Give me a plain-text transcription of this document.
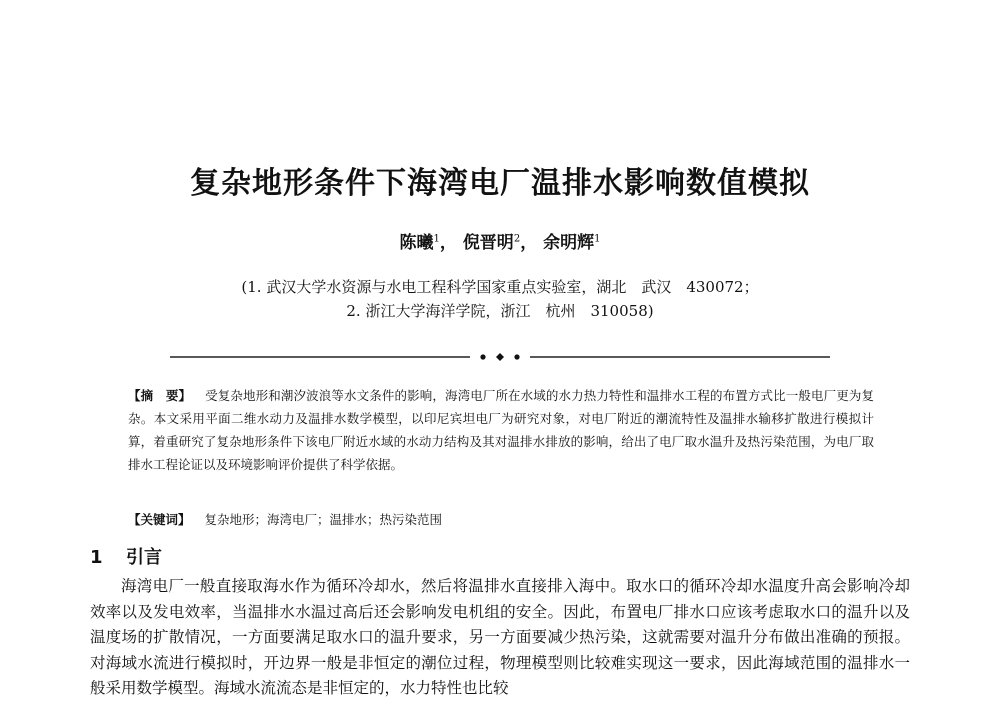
复杂地形条件下海湾电厂温排水影响数值模拟
陈曦$^1$， 倪晋明$^2$， 余明辉$^1$
(1. 武汉大学水资源与水电工程科学国家重点实验室，湖北　武汉　430072；
2. 浙江大学海洋学院，浙江　杭州　310058)
【摘　要】 受复杂地形和潮汐波浪等水文条件的影响，海湾电厂所在水域的水力热力特性和温排水工程的布置方式比一般电厂更为复杂。本文采用平面二维水动力及温排水数学模型，以印尼宾坦电厂为研究对象，对电厂附近的潮流特性及温排水输移扩散进行模拟计算，着重研究了复杂地形条件下该电厂附近水域的水动力结构及其对温排水排放的影响，给出了电厂取水温升及热污染范围，为电厂取排水工程论证以及环境影响评价提供了科学依据。
【关键词】 复杂地形；海湾电厂；温排水；热污染范围
1 引言
海湾电厂一般直接取海水作为循环冷却水，然后将温排水直接排入海中。取水口的循环冷却水温度升高会影响冷却效率以及发电效率，当温排水水温过高后还会影响发电机组的安全。因此，布置电厂排水口应该考虑取水口的温升以及温度场的扩散情况，一方面要满足取水口的温升要求，另一方面要减少热污染，这就需要对温升分布做出准确的预报。对海域水流进行模拟时，开边界一般是非恒定的潮位过程，物理模型则比较难实现这一要求，因此海域范围的温排水一般采用数学模型。海域水流流态是非恒定的，水力特性也比较
